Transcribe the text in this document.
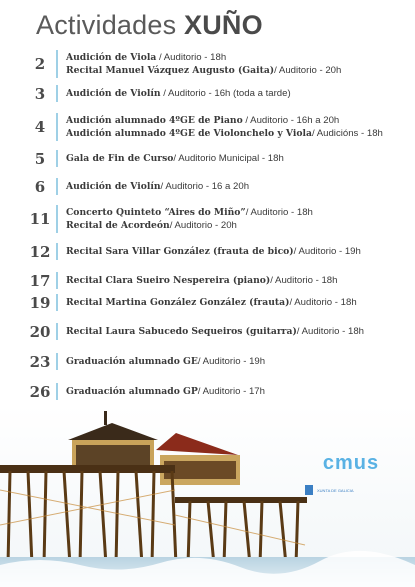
Actividades XUÑO
2	Audición de Viola / Auditorio - 18h
Recital Manuel Vázquez Augusto (Gaita)/ Auditorio - 20h
3	Audición de Violín / Auditorio - 16h (toda a tarde)
4	Audición alumnado 4ºGE de Piano / Auditorio - 16h a 20h
Audición alumnado 4ºGE de Violonchelo y Viola/ Audicións - 18h
5	Gala de Fin de Curso/ Auditorio Municipal - 18h
6	Audición de Violín/ Auditorio - 16 a 20h
11 Concerto Quinteto “Aires do Miño”/ Auditorio - 18h
Recital de Acordeón/ Auditorio - 20h
12 Recital Sara Villar González (frauta de bico)/ Auditorio - 19h
17 Recital Clara Sueiro Nespereira (piano)/ Auditorio - 18h
19 Recital Martina González González (frauta)/ Auditorio - 18h
20 Recital Laura Sabucedo Sequeiros (guitarra)/ Auditorio - 18h
23 Graduación alumnado GE/ Auditorio - 19h
26 Graduación alumnado GP/ Auditorio - 17h
cmus

XUNTA DE GALICIA
